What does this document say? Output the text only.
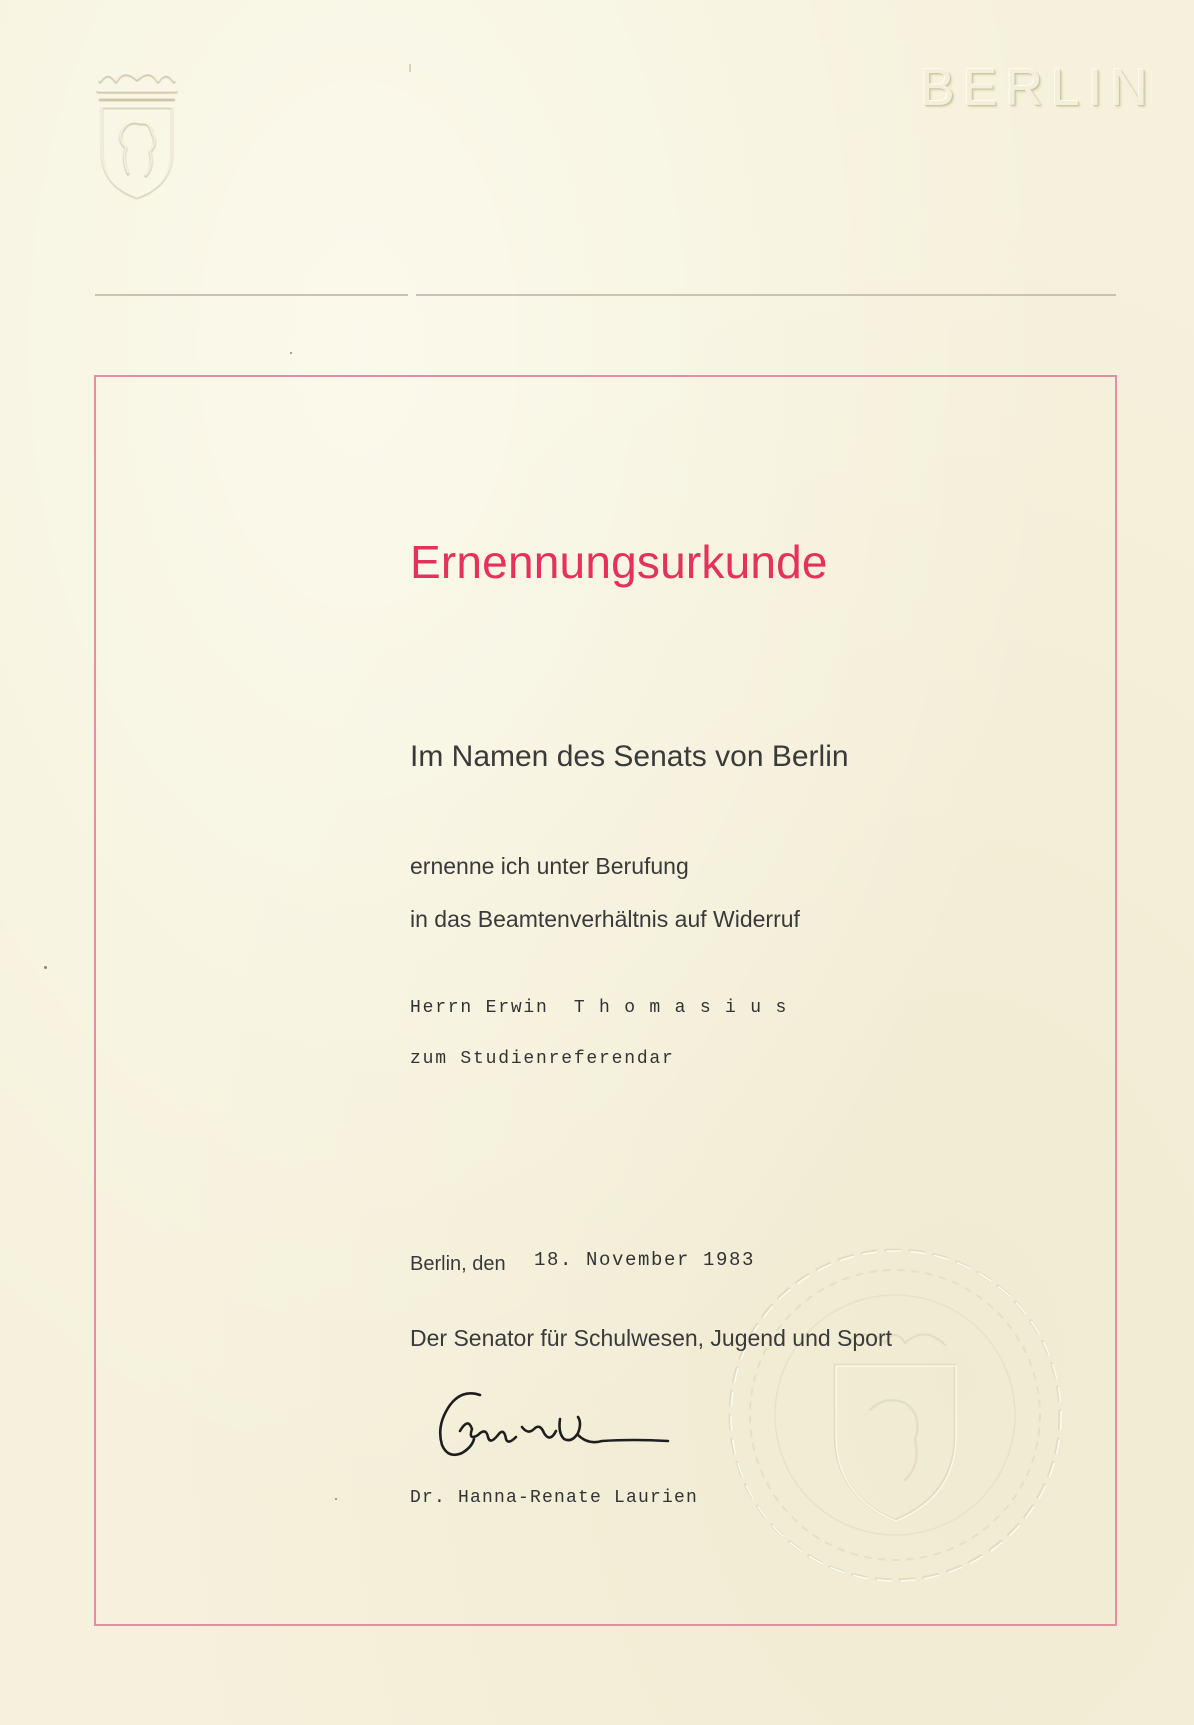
BERLIN
Ernennungsurkunde
Im Namen des Senats von Berlin
ernenne ich unter Berufung
in das Beamtenverhältnis auf Widerruf
Herrn Erwin  T h o m a s i u s
zum Studienreferendar
Berlin, den 18. November 1983
Der Senator für Schulwesen, Jugend und Sport
Dr. Hanna-Renate Laurien
